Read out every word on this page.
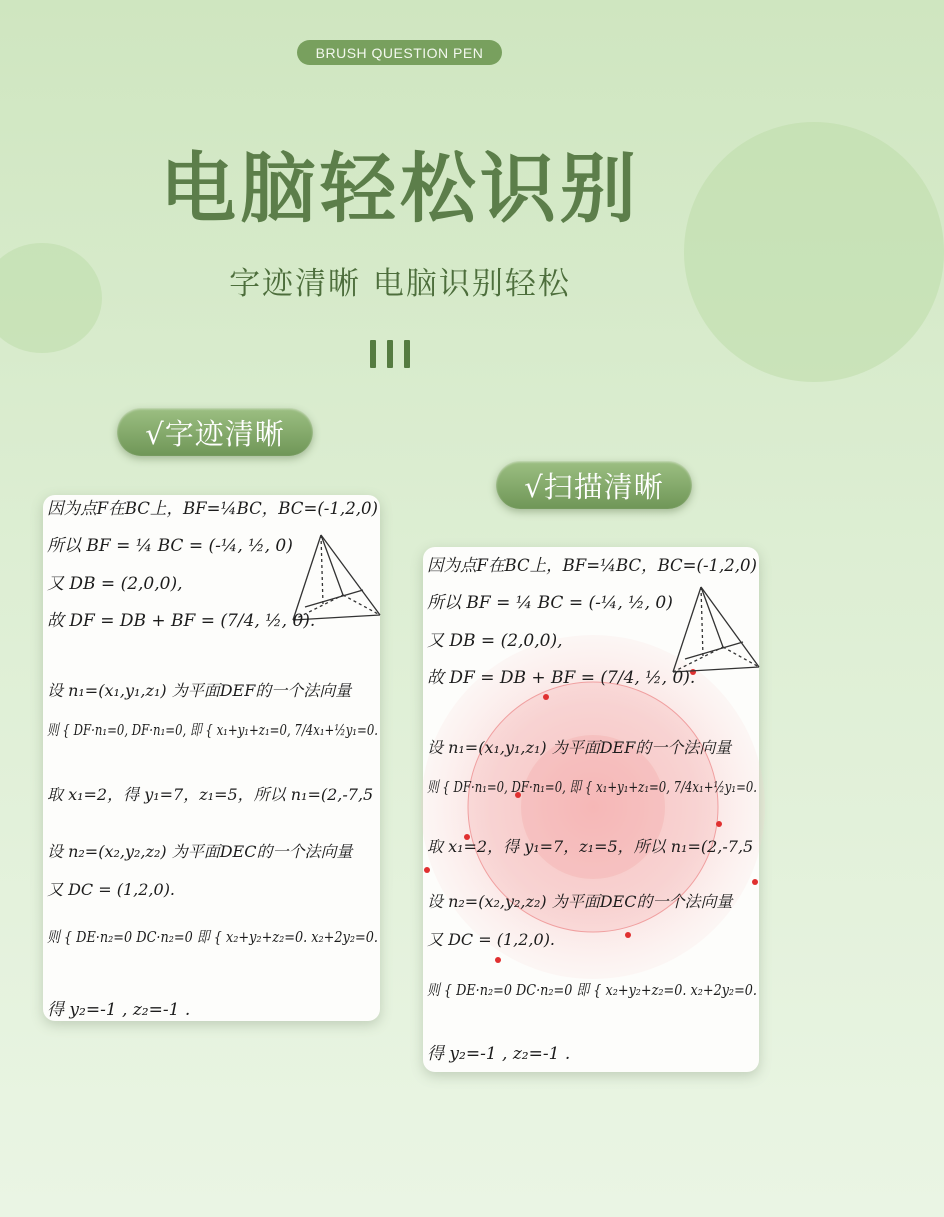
BRUSH QUESTION PEN
电脑轻松识别
字迹清晰 电脑识别轻松
√字迹清晰
√扫描清晰
因为点F在BC上，BF=¼BC，BC=(-1,2,0)
所以 BF = ¼ BC = (-¼, ½, 0)
又 DB = (2,0,0),
故 DF = DB + BF = (7/4, ½, 0).
设 n₁=(x₁,y₁,z₁) 为平面DEF的一个法向量
则 { DF·n₁=0, DF·n₁=0, 即 { x₁+y₁+z₁=0, 7/4x₁+½y₁=0.
取 x₁=2，得 y₁=7，z₁=5，所以 n₁=(2,-7,5
设 n₂=(x₂,y₂,z₂) 为平面DEC的一个法向量
又 DC = (1,2,0).
则 { DE·n₂=0 DC·n₂=0 即 { x₂+y₂+z₂=0. x₂+2y₂=0.
得 y₂=-1 , z₂=-1 .
因为点F在BC上，BF=¼BC，BC=(-1,2,0)
所以 BF = ¼ BC = (-¼, ½, 0)
又 DB = (2,0,0),
故 DF = DB + BF = (7/4, ½, 0).
设 n₁=(x₁,y₁,z₁) 为平面DEF的一个法向量
则 { DF·n₁=0, DF·n₁=0, 即 { x₁+y₁+z₁=0, 7/4x₁+½y₁=0.
取 x₁=2，得 y₁=7，z₁=5，所以 n₁=(2,-7,5
设 n₂=(x₂,y₂,z₂) 为平面DEC的一个法向量
又 DC = (1,2,0).
则 { DE·n₂=0 DC·n₂=0 即 { x₂+y₂+z₂=0. x₂+2y₂=0.
得 y₂=-1 , z₂=-1 .
